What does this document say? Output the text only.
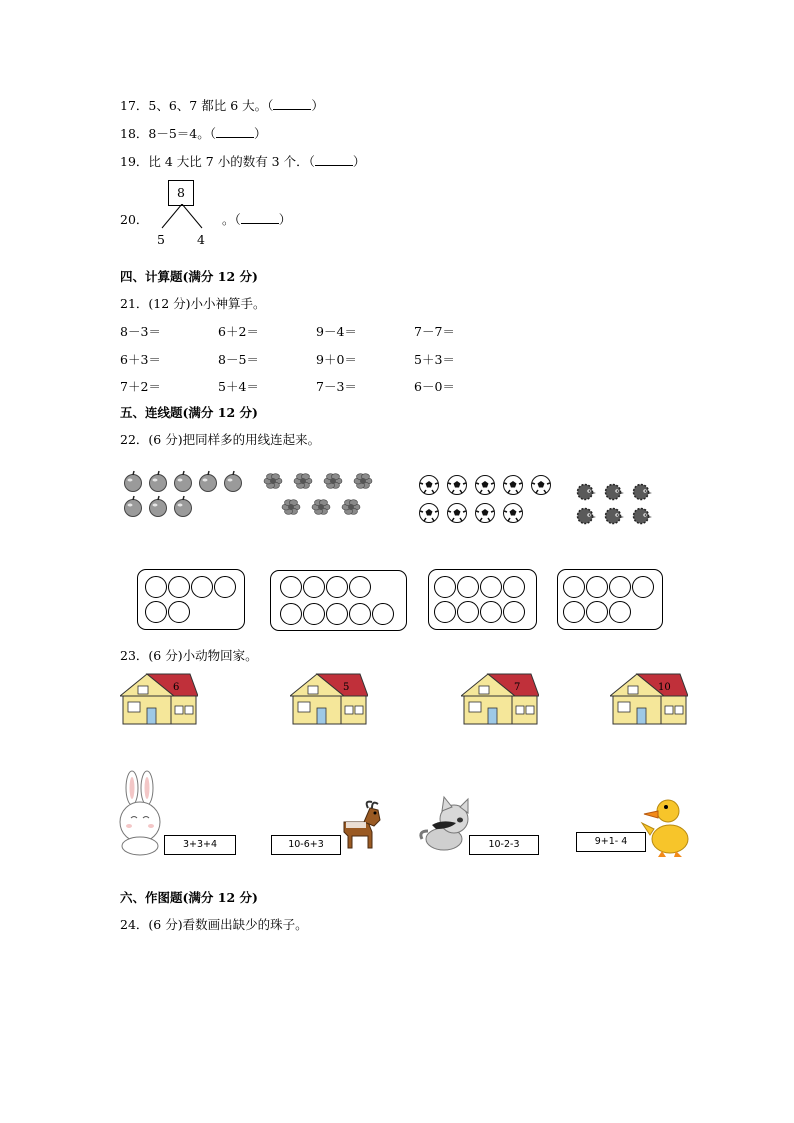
17．5、6、7 都比 6 大。（	）
18．8－5＝4。（	）
19．比 4 大比 7 小的数有 3 个．（	）
20．
8
5	4
。（	）
四、计算题(满分 12 分)
21．(12 分)小小神算手。
8－3＝	6＋2＝	9－4＝	7－7＝
6＋3＝	8－5＝	9＋0＝	5＋3＝
7＋2＝	5＋4＝	7－3＝	6－0＝
五、连线题(满分 12 分)
22．(6 分)把同样多的用线连起来。
23．(6 分)小动物回家。
6	5	7	10
3+3+4	10-6+3	10-2-3	9+1- 4
六、作图题(满分 12 分)
24．(6 分)看数画出缺少的珠子。
